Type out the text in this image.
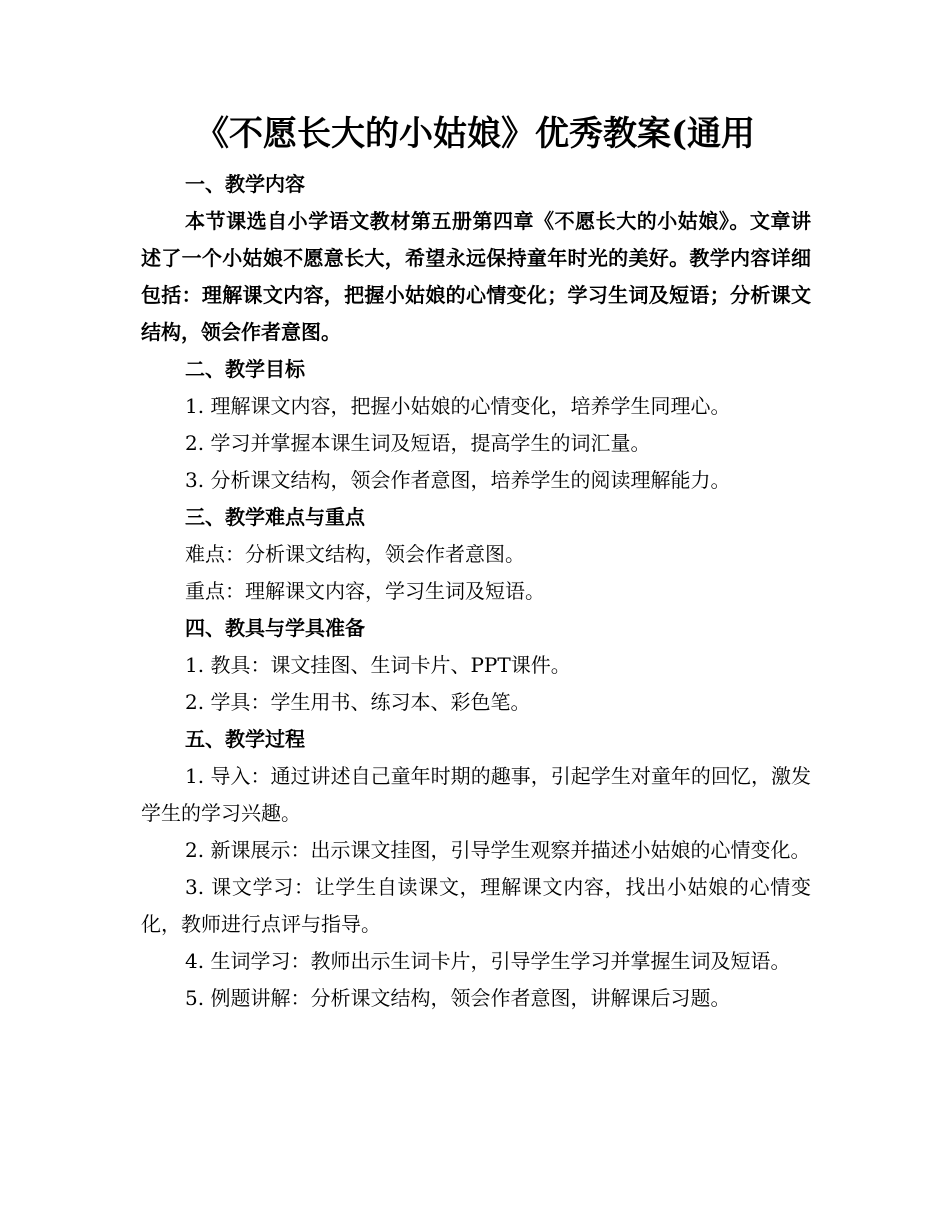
《不愿长大的小姑娘》优秀教案(通用

一、教学内容

本节课选自小学语文教材第五册第四章《不愿长大的小姑娘》。文章讲述了一个小姑娘不愿意长大，希望永远保持童年时光的美好。教学内容详细包括：理解课文内容，把握小姑娘的心情变化；学习生词及短语；分析课文结构，领会作者意图。

二、教学目标

1. 理解课文内容，把握小姑娘的心情变化，培养学生同理心。

2. 学习并掌握本课生词及短语，提高学生的词汇量。

3. 分析课文结构，领会作者意图，培养学生的阅读理解能力。

三、教学难点与重点

难点：分析课文结构，领会作者意图。

重点：理解课文内容，学习生词及短语。

四、教具与学具准备

1. 教具：课文挂图、生词卡片、PPT课件。

2. 学具：学生用书、练习本、彩色笔。

五、教学过程

1. 导入：通过讲述自己童年时期的趣事，引起学生对童年的回忆，激发学生的学习兴趣。

2. 新课展示：出示课文挂图，引导学生观察并描述小姑娘的心情变化。

3. 课文学习：让学生自读课文，理解课文内容，找出小姑娘的心情变化，教师进行点评与指导。

4. 生词学习：教师出示生词卡片，引导学生学习并掌握生词及短语。

5. 例题讲解：分析课文结构，领会作者意图，讲解课后习题。
